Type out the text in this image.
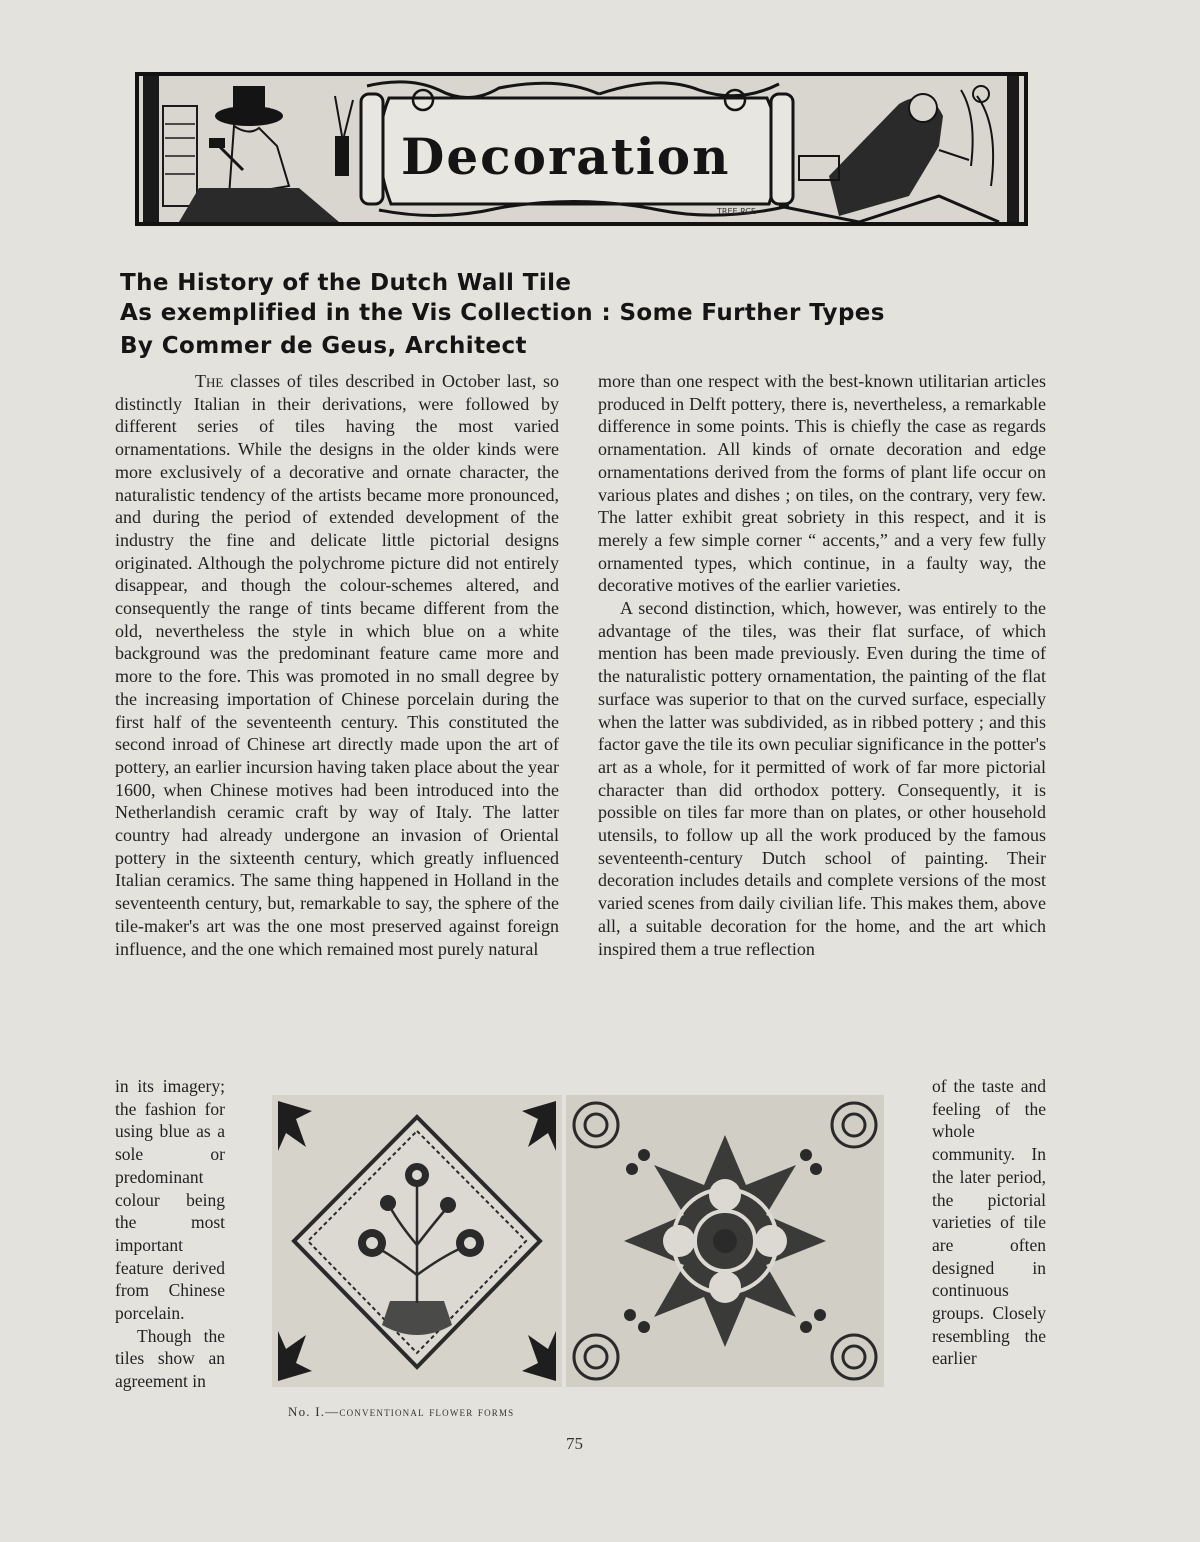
Decoration
TREE RCE
The History of the Dutch Wall Tile
As exemplified in the Vis Collection : Some Further Types
By Commer de Geus, Architect

The classes of tiles described in October last, so distinctly Italian in their derivations, were followed by different series of tiles having the most varied ornamentations. While the designs in the older kinds were more exclusively of a decorative and ornate character, the naturalistic tendency of the artists became more pronounced, and during the period of extended development of the industry the fine and delicate little pictorial designs originated. Although the polychrome picture did not entirely disappear, and though the colour-schemes altered, and consequently the range of tints became different from the old, nevertheless the style in which blue on a white background was the predominant feature came more and more to the fore. This was promoted in no small degree by the increasing importation of Chinese porcelain during the first half of the seventeenth century. This constituted the second inroad of Chinese art directly made upon the art of pottery, an earlier incursion having taken place about the year 1600, when Chinese motives had been introduced into the Netherlandish ceramic craft by way of Italy. The latter country had already undergone an invasion of Oriental pottery in the sixteenth century, which greatly influenced Italian ceramics. The same thing happened in Holland in the seventeenth century, but, remarkable to say, the sphere of the tile-maker's art was the one most preserved against foreign influence, and the one which remained most purely natural

in its imagery; the fashion for using blue as a sole or predominant colour being the most important feature derived from Chinese porcelain.

Though the tiles show an agreement in

more than one respect with the best-known utilitarian articles produced in Delft pottery, there is, nevertheless, a remarkable difference in some points. This is chiefly the case as regards ornamentation. All kinds of ornate decoration and edge ornamentations derived from the forms of plant life occur on various plates and dishes ; on tiles, on the contrary, very few. The latter exhibit great sobriety in this respect, and it is merely a few simple corner “ accents,” and a very few fully ornamented types, which continue, in a faulty way, the decorative motives of the earlier varieties.

A second distinction, which, however, was entirely to the advantage of the tiles, was their flat surface, of which mention has been made previously. Even during the time of the naturalistic pottery ornamentation, the painting of the flat surface was superior to that on the curved surface, especially when the latter was subdivided, as in ribbed pottery ; and this factor gave the tile its own peculiar significance in the potter's art as a whole, for it permitted of work of far more pictorial character than did orthodox pottery. Consequently, it is possible on tiles far more than on plates, or other household utensils, to follow up all the work produced by the famous seventeenth-century Dutch school of painting. Their decoration includes details and complete versions of the most varied scenes from daily civilian life. This makes them, above all, a suitable decoration for the home, and the art which inspired them a true reflection

of the taste and feeling of the whole community. In the later period, the pictorial varieties of tile are often designed in continuous groups. Closely resembling the earlier

No. I.—conventional flower forms
75
